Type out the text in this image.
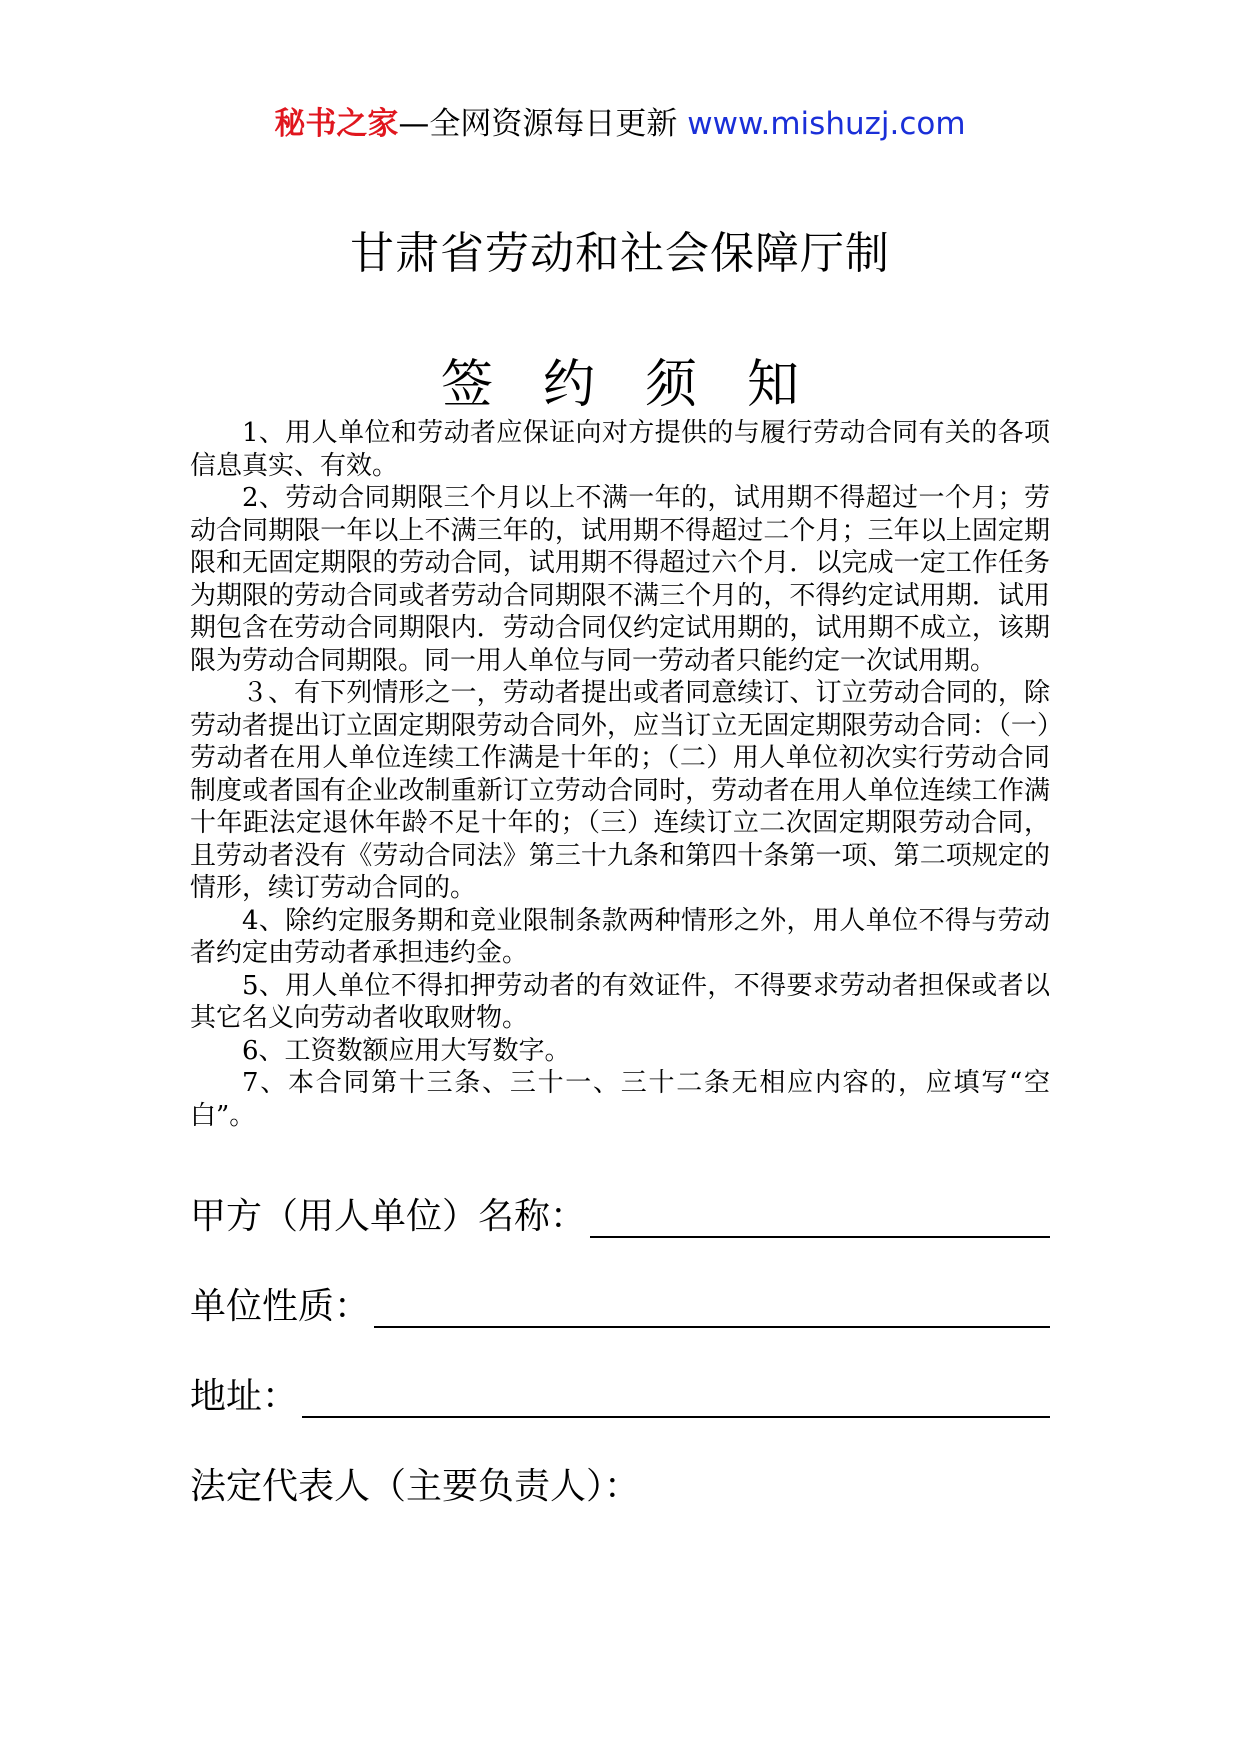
秘书之家—全网资源每日更新 www.mishuzj.com
甘肃省劳动和社会保障厅制
签约须知

1、用人单位和劳动者应保证向对方提供的与履行劳动合同有关的各项信息真实、有效。

2、劳动合同期限三个月以上不满一年的，试用期不得超过一个月；劳动合同期限一年以上不满三年的，试用期不得超过二个月；三年以上固定期限和无固定期限的劳动合同，试用期不得超过六个月．以完成一定工作任务为期限的劳动合同或者劳动合同期限不满三个月的，不得约定试用期．试用期包含在劳动合同期限内．劳动合同仅约定试用期的，试用期不成立，该期限为劳动合同期限。同一用人单位与同一劳动者只能约定一次试用期。

３、有下列情形之一，劳动者提出或者同意续订、订立劳动合同的，除劳动者提出订立固定期限劳动合同外，应当订立无固定期限劳动合同：（一）劳动者在用人单位连续工作满是十年的；（二）用人单位初次实行劳动合同制度或者国有企业改制重新订立劳动合同时，劳动者在用人单位连续工作满十年距法定退休年龄不足十年的；（三）连续订立二次固定期限劳动合同，且劳动者没有《劳动合同法》第三十九条和第四十条第一项、第二项规定的情形，续订劳动合同的。

4、除约定服务期和竞业限制条款两种情形之外，用人单位不得与劳动者约定由劳动者承担违约金。

5、用人单位不得扣押劳动者的有效证件，不得要求劳动者担保或者以其它名义向劳动者收取财物。

6、工资数额应用大写数字。

7、本合同第十三条、三十一、三十二条无相应内容的，应填写“空白”。

甲方（用人单位）名称：
单位性质：
地址：
法定代表人（主要负责人）：
